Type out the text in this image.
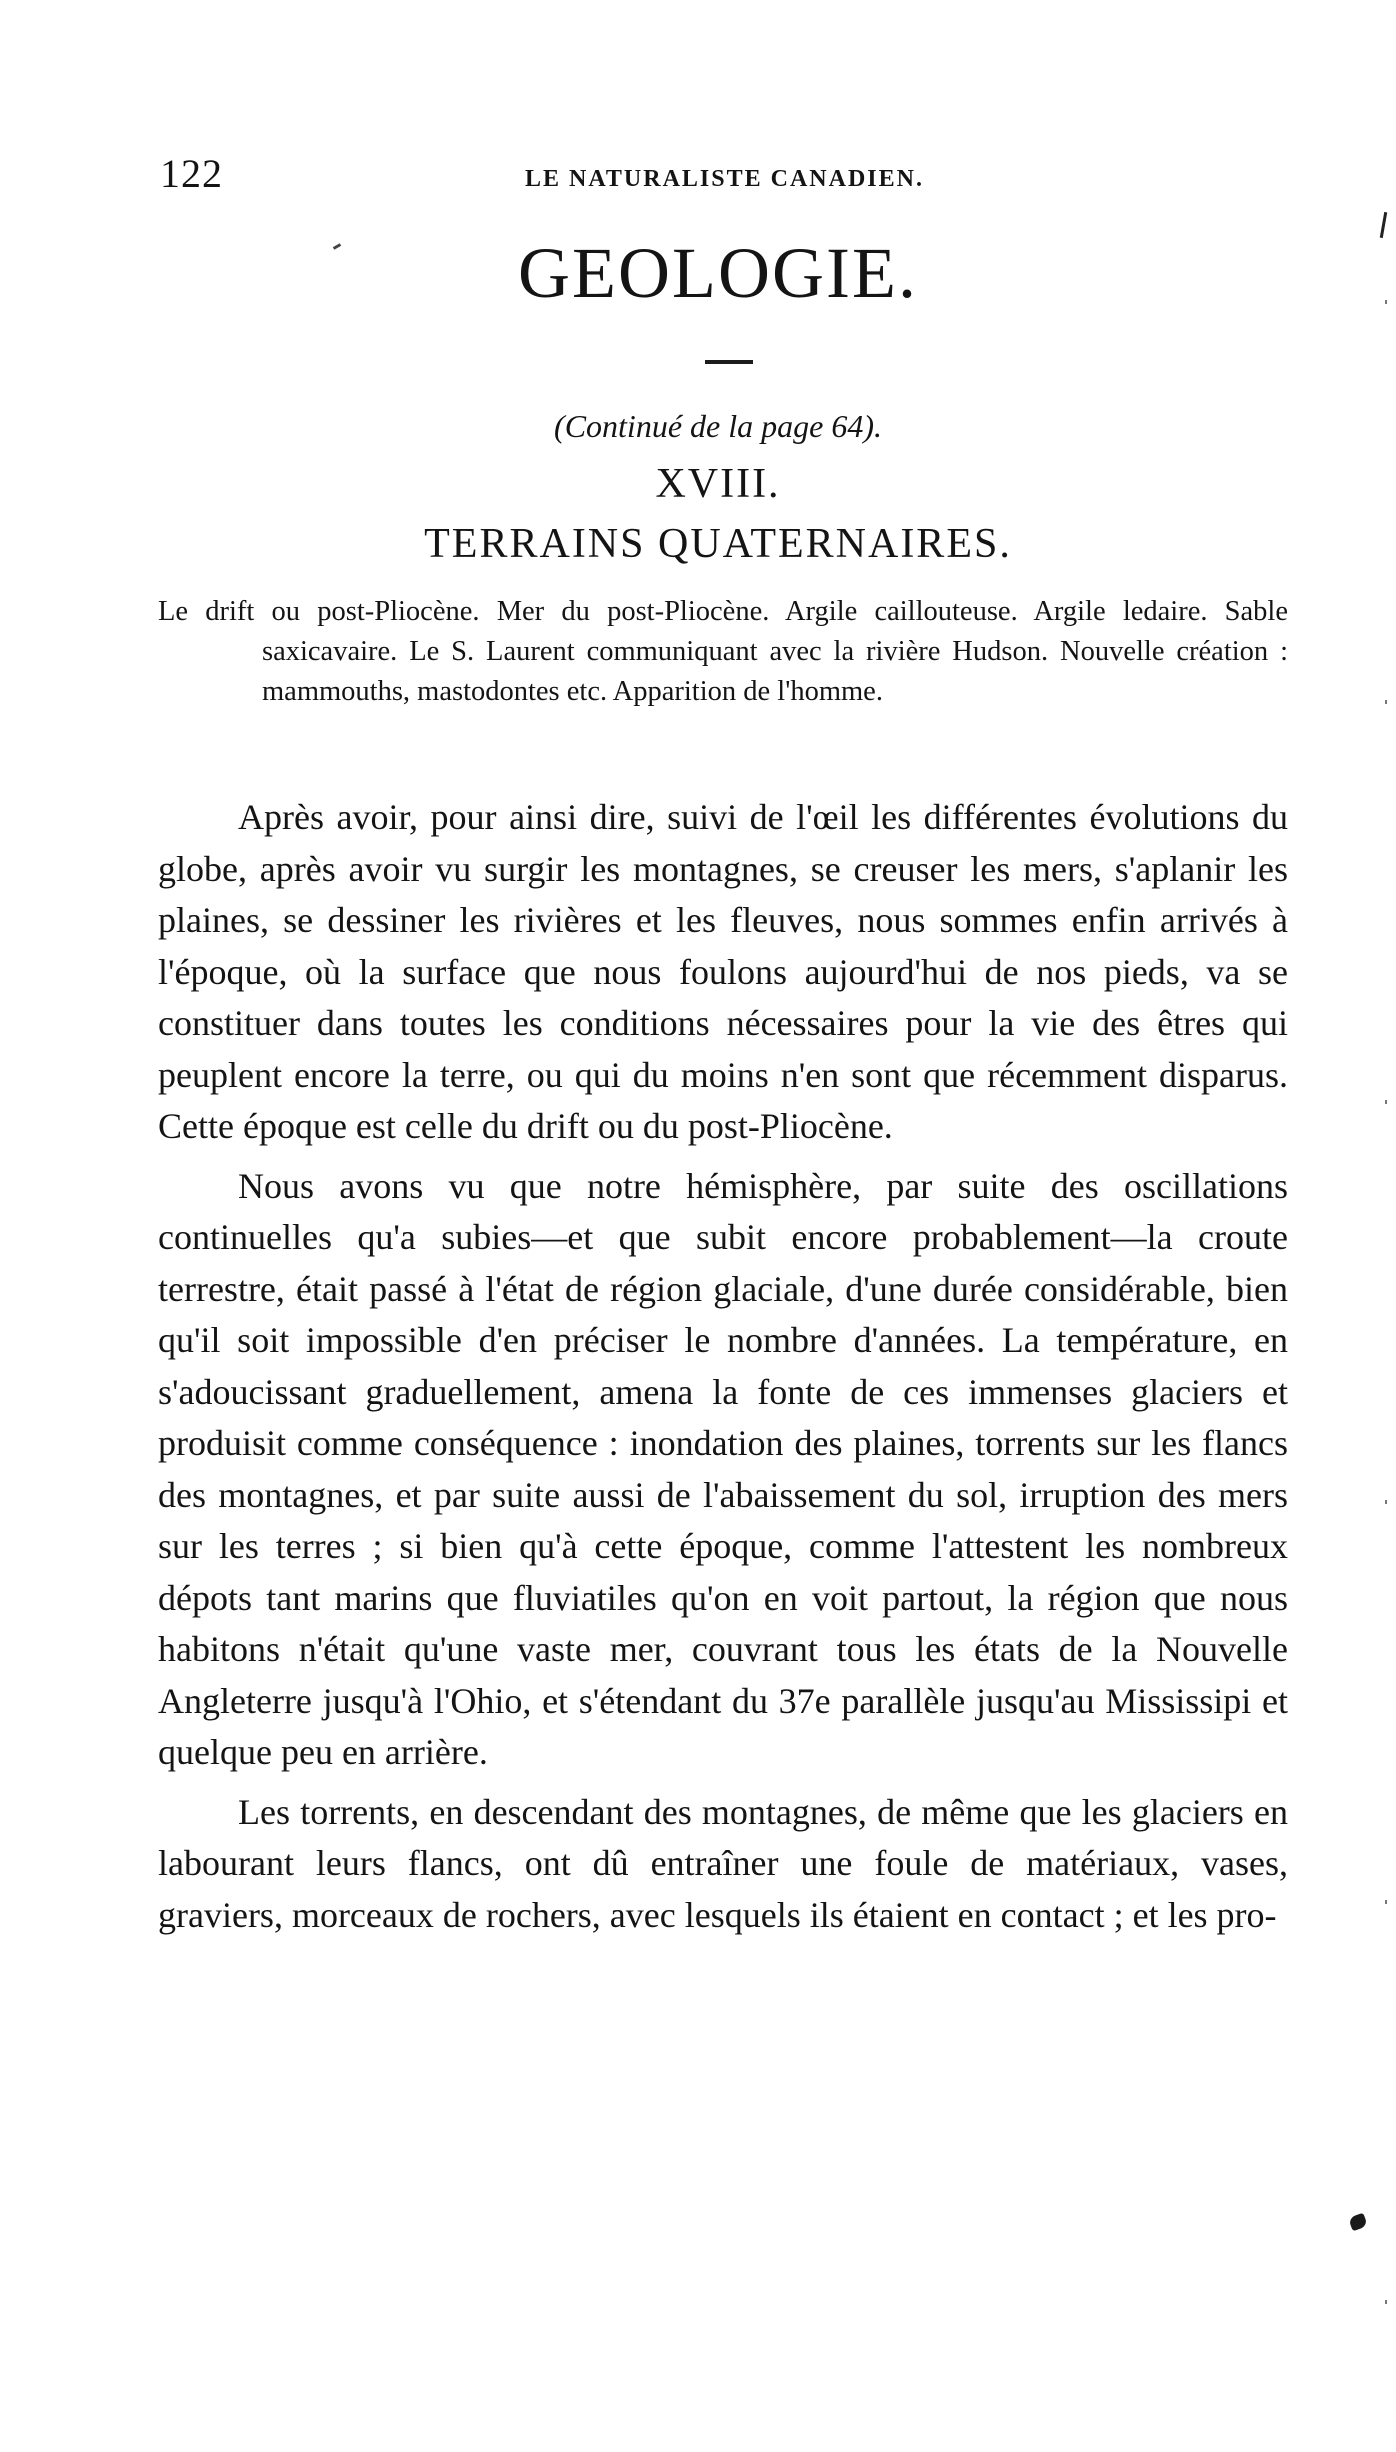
122	LE NATURALISTE CANADIEN.
GEOLOGIE.
(Continué de la page 64).
XVIII.
TERRAINS QUATERNAIRES.

Le drift ou post-Pliocène. Mer du post-Pliocène. Argile caillouteuse. Argile ledaire. Sable saxicavaire. Le S. Laurent communiquant avec la rivière Hudson. Nouvelle création : mammouths, mastodontes etc. Apparition de l'homme.

Après avoir, pour ainsi dire, suivi de l'œil les différentes évolutions du globe, après avoir vu surgir les montagnes, se creuser les mers, s'aplanir les plaines, se dessiner les rivières et les fleuves, nous sommes enfin arrivés à l'époque, où la surface que nous foulons aujourd'hui de nos pieds, va se constituer dans toutes les conditions nécessaires pour la vie des êtres qui peuplent encore la terre, ou qui du moins n'en sont que récemment disparus. Cette époque est celle du drift ou du post-Pliocène.

Nous avons vu que notre hémisphère, par suite des oscillations continuelles qu'a subies—et que subit encore probablement—la croute terrestre, était passé à l'état de région glaciale, d'une durée considérable, bien qu'il soit impossible d'en préciser le nombre d'années. La température, en s'adoucissant graduellement, amena la fonte de ces immenses glaciers et produisit comme conséquence : inondation des plaines, torrents sur les flancs des montagnes, et par suite aussi de l'abaissement du sol, irruption des mers sur les terres ; si bien qu'à cette époque, comme l'attestent les nombreux dépots tant marins que fluviatiles qu'on en voit partout, la région que nous habitons n'était qu'une vaste mer, couvrant tous les états de la Nouvelle Angleterre jusqu'à l'Ohio, et s'étendant du 37e parallèle jusqu'au Mississipi et quelque peu en arrière.

Les torrents, en descendant des montagnes, de même que les glaciers en labourant leurs flancs, ont dû entraîner une foule de matériaux, vases, graviers, morceaux de rochers, avec lesquels ils étaient en contact ; et les pro-
